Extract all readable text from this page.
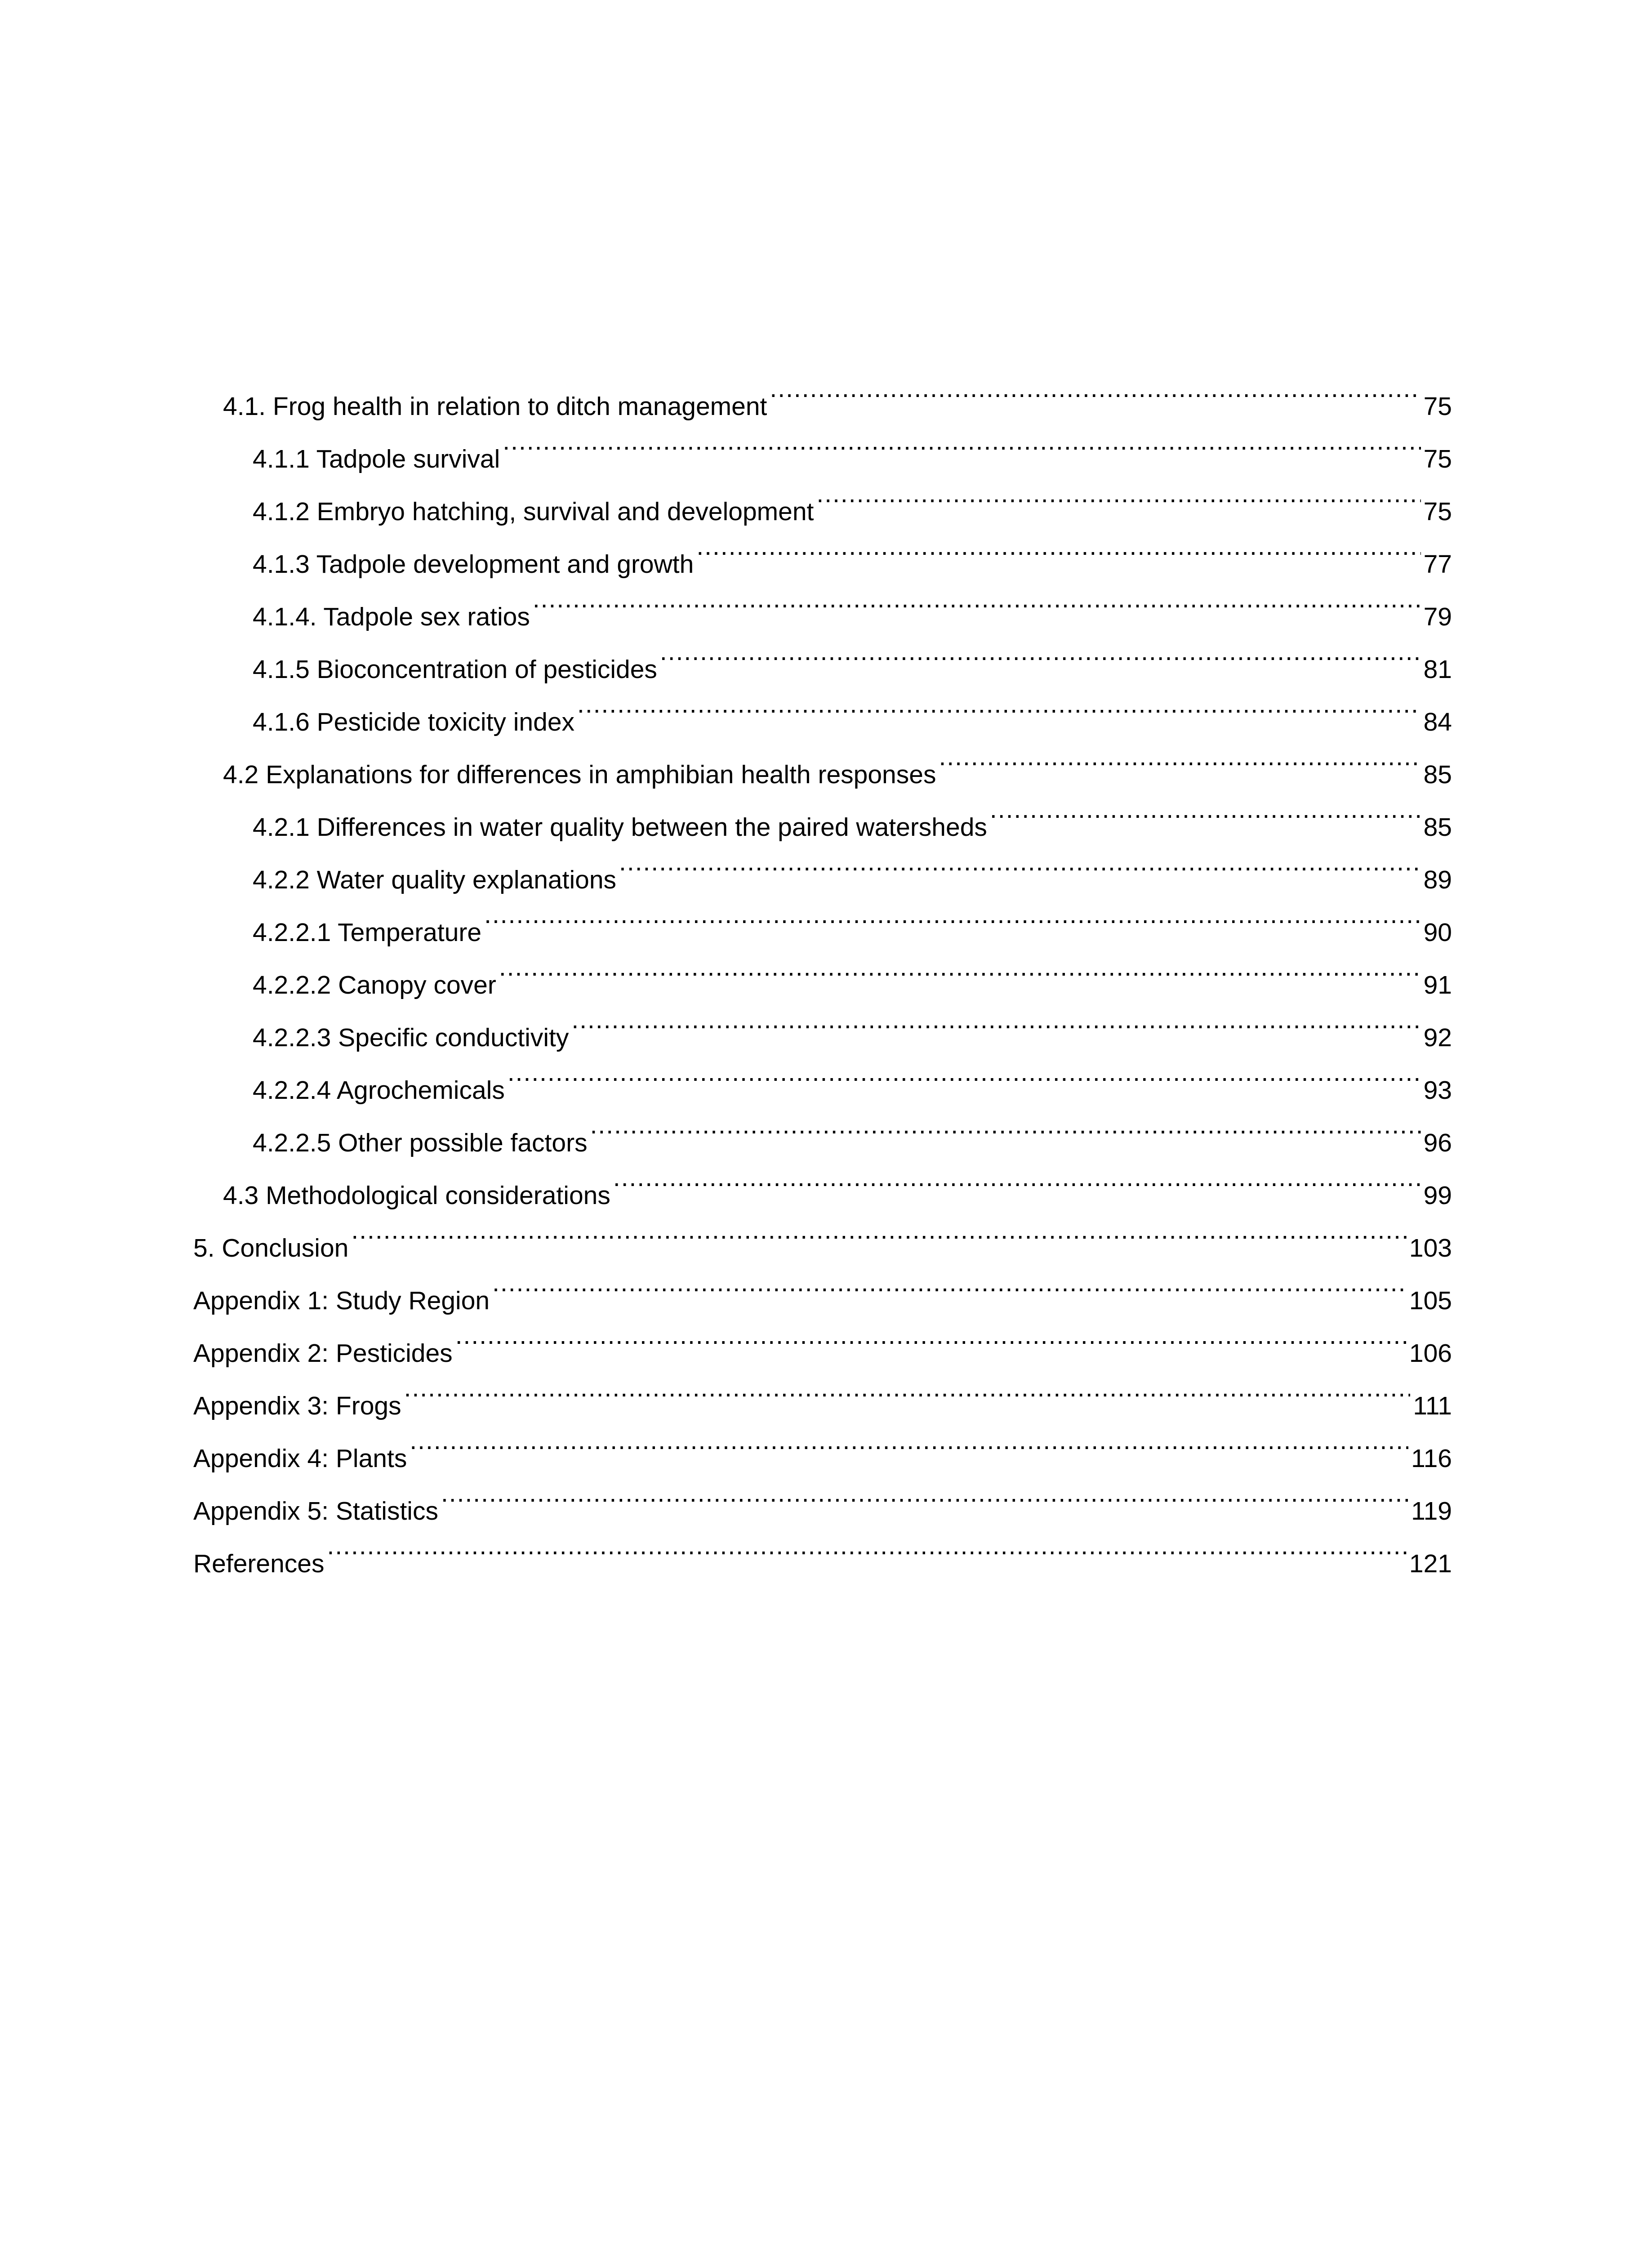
4.1. Frog health in relation to ditch management .....	75
4.1.1 Tadpole survival .....	75
4.1.2 Embryo hatching, survival and development .....	75
4.1.3 Tadpole development and growth .....	77
4.1.4. Tadpole sex ratios .....	79
4.1.5 Bioconcentration of pesticides .....	81
4.1.6 Pesticide toxicity index .....	84
4.2 Explanations for differences in amphibian health responses .....	85
4.2.1 Differences in water quality between the paired watersheds .....	85
4.2.2 Water quality explanations .....	89
4.2.2.1 Temperature .....	90
4.2.2.2 Canopy cover .....	91
4.2.2.3 Specific conductivity .....	92
4.2.2.4 Agrochemicals .....	93
4.2.2.5 Other possible factors .....	96
4.3 Methodological considerations .....	99
5. Conclusion .....	103
Appendix 1: Study Region .....	105
Appendix 2: Pesticides .....	106
Appendix 3: Frogs .....	111
Appendix 4: Plants .....	116
Appendix 5: Statistics .....	119
References .....	121
